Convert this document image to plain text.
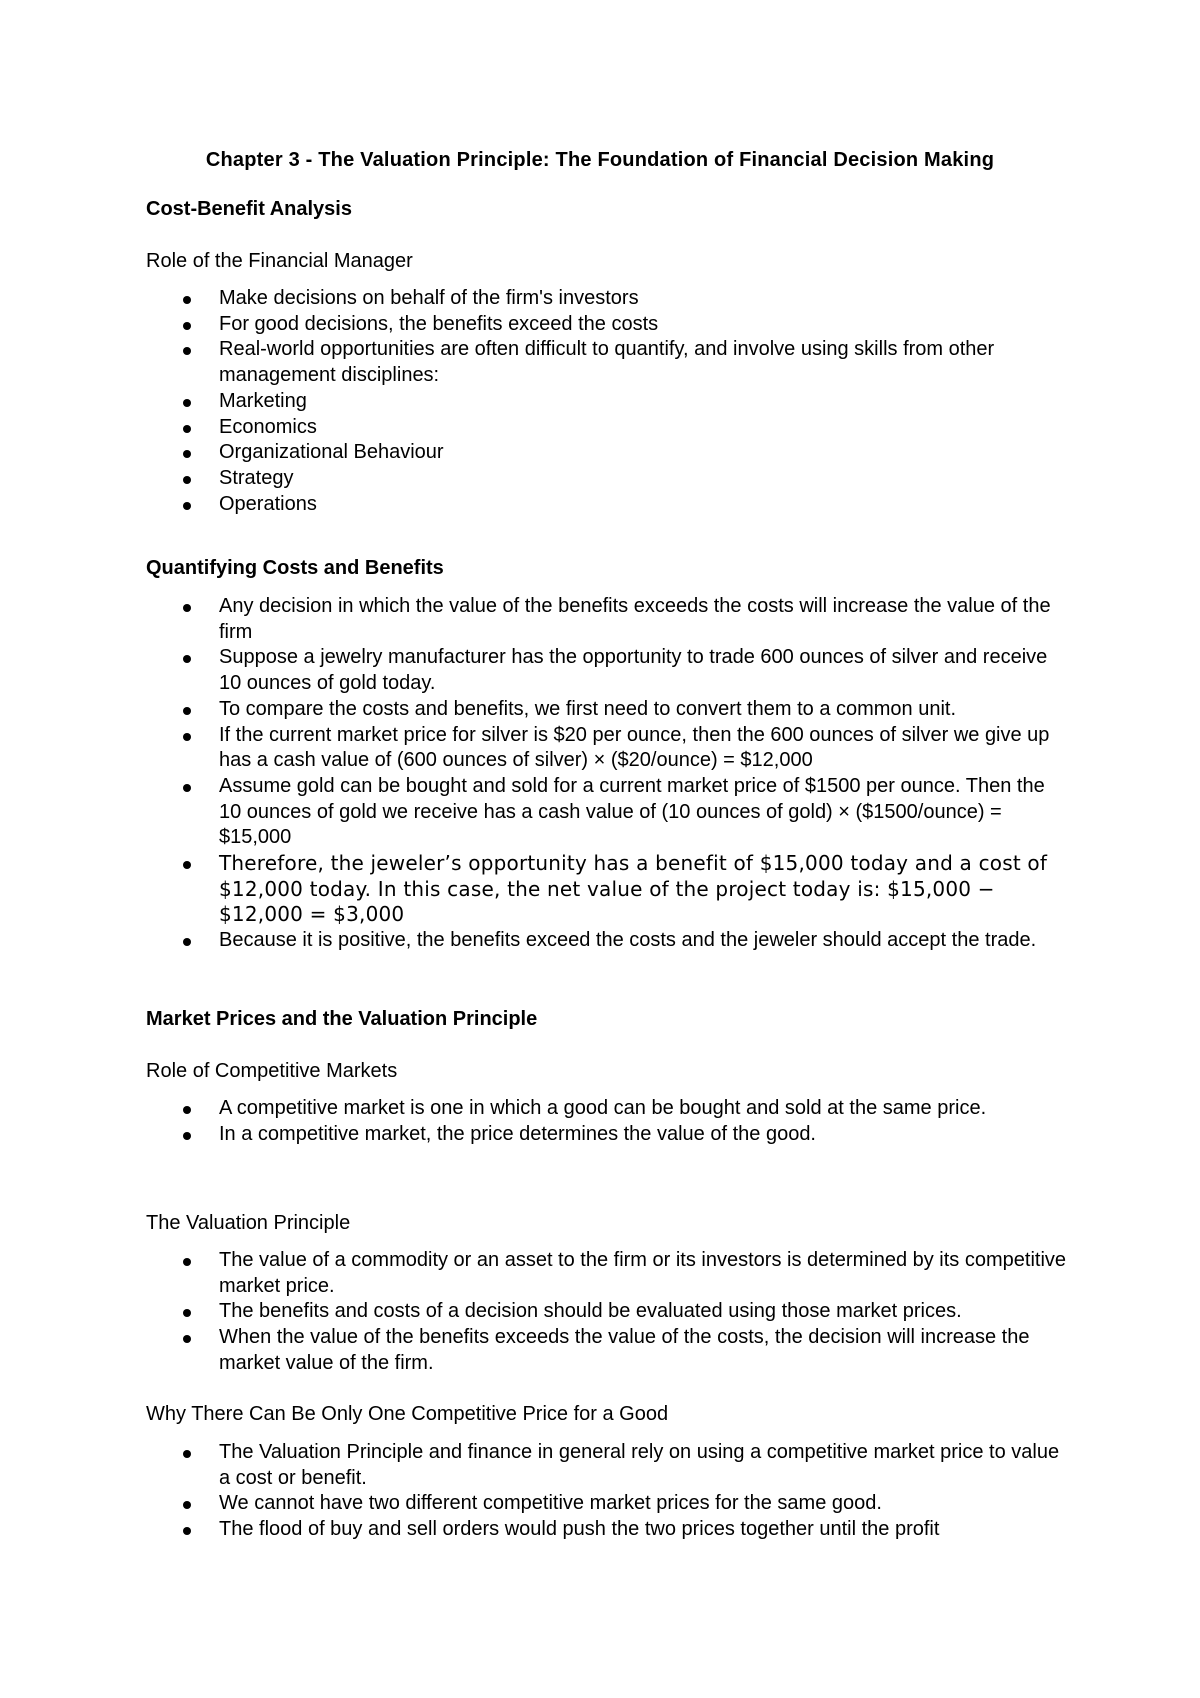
Chapter 3 - The Valuation Principle: The Foundation of Financial Decision Making
Cost-Benefit Analysis
Role of the Financial Manager
Make decisions on behalf of the firm's investors
For good decisions, the benefits exceed the costs
Real-world opportunities are often difficult to quantify, and involve using skills from other management disciplines:
Marketing
Economics
Organizational Behaviour
Strategy
Operations
Quantifying Costs and Benefits
Any decision in which the value of the benefits exceeds the costs will increase the value of the firm
Suppose a jewelry manufacturer has the opportunity to trade 600 ounces of silver and receive 10 ounces of gold today.
To compare the costs and benefits, we first need to convert them to a common unit.
If the current market price for silver is $20 per ounce, then the 600 ounces of silver we give up has a cash value of (600 ounces of silver) × ($20/ounce) = $12,000
Assume gold can be bought and sold for a current market price of $1500 per ounce. Then the 10 ounces of gold we receive has a cash value of (10 ounces of gold) × ($1500/ounce) = $15,000
Therefore, the jeweler’s opportunity has a benefit of $15,000 today and a cost of $12,000 today. In this case, the net value of the project today is: $15,000 − $12,000 = $3,000
Because it is positive, the benefits exceed the costs and the jeweler should accept the trade.
Market Prices and the Valuation Principle
Role of Competitive Markets
A competitive market is one in which a good can be bought and sold at the same price.
In a competitive market, the price determines the value of the good.
The Valuation Principle
The value of a commodity or an asset to the firm or its investors is determined by its competitive market price.
The benefits and costs of a decision should be evaluated using those market prices.
When the value of the benefits exceeds the value of the costs, the decision will increase the market value of the firm.
Why There Can Be Only One Competitive Price for a Good
The Valuation Principle and finance in general rely on using a competitive market price to value a cost or benefit.
We cannot have two different competitive market prices for the same good.
The flood of buy and sell orders would push the two prices together until the profit
